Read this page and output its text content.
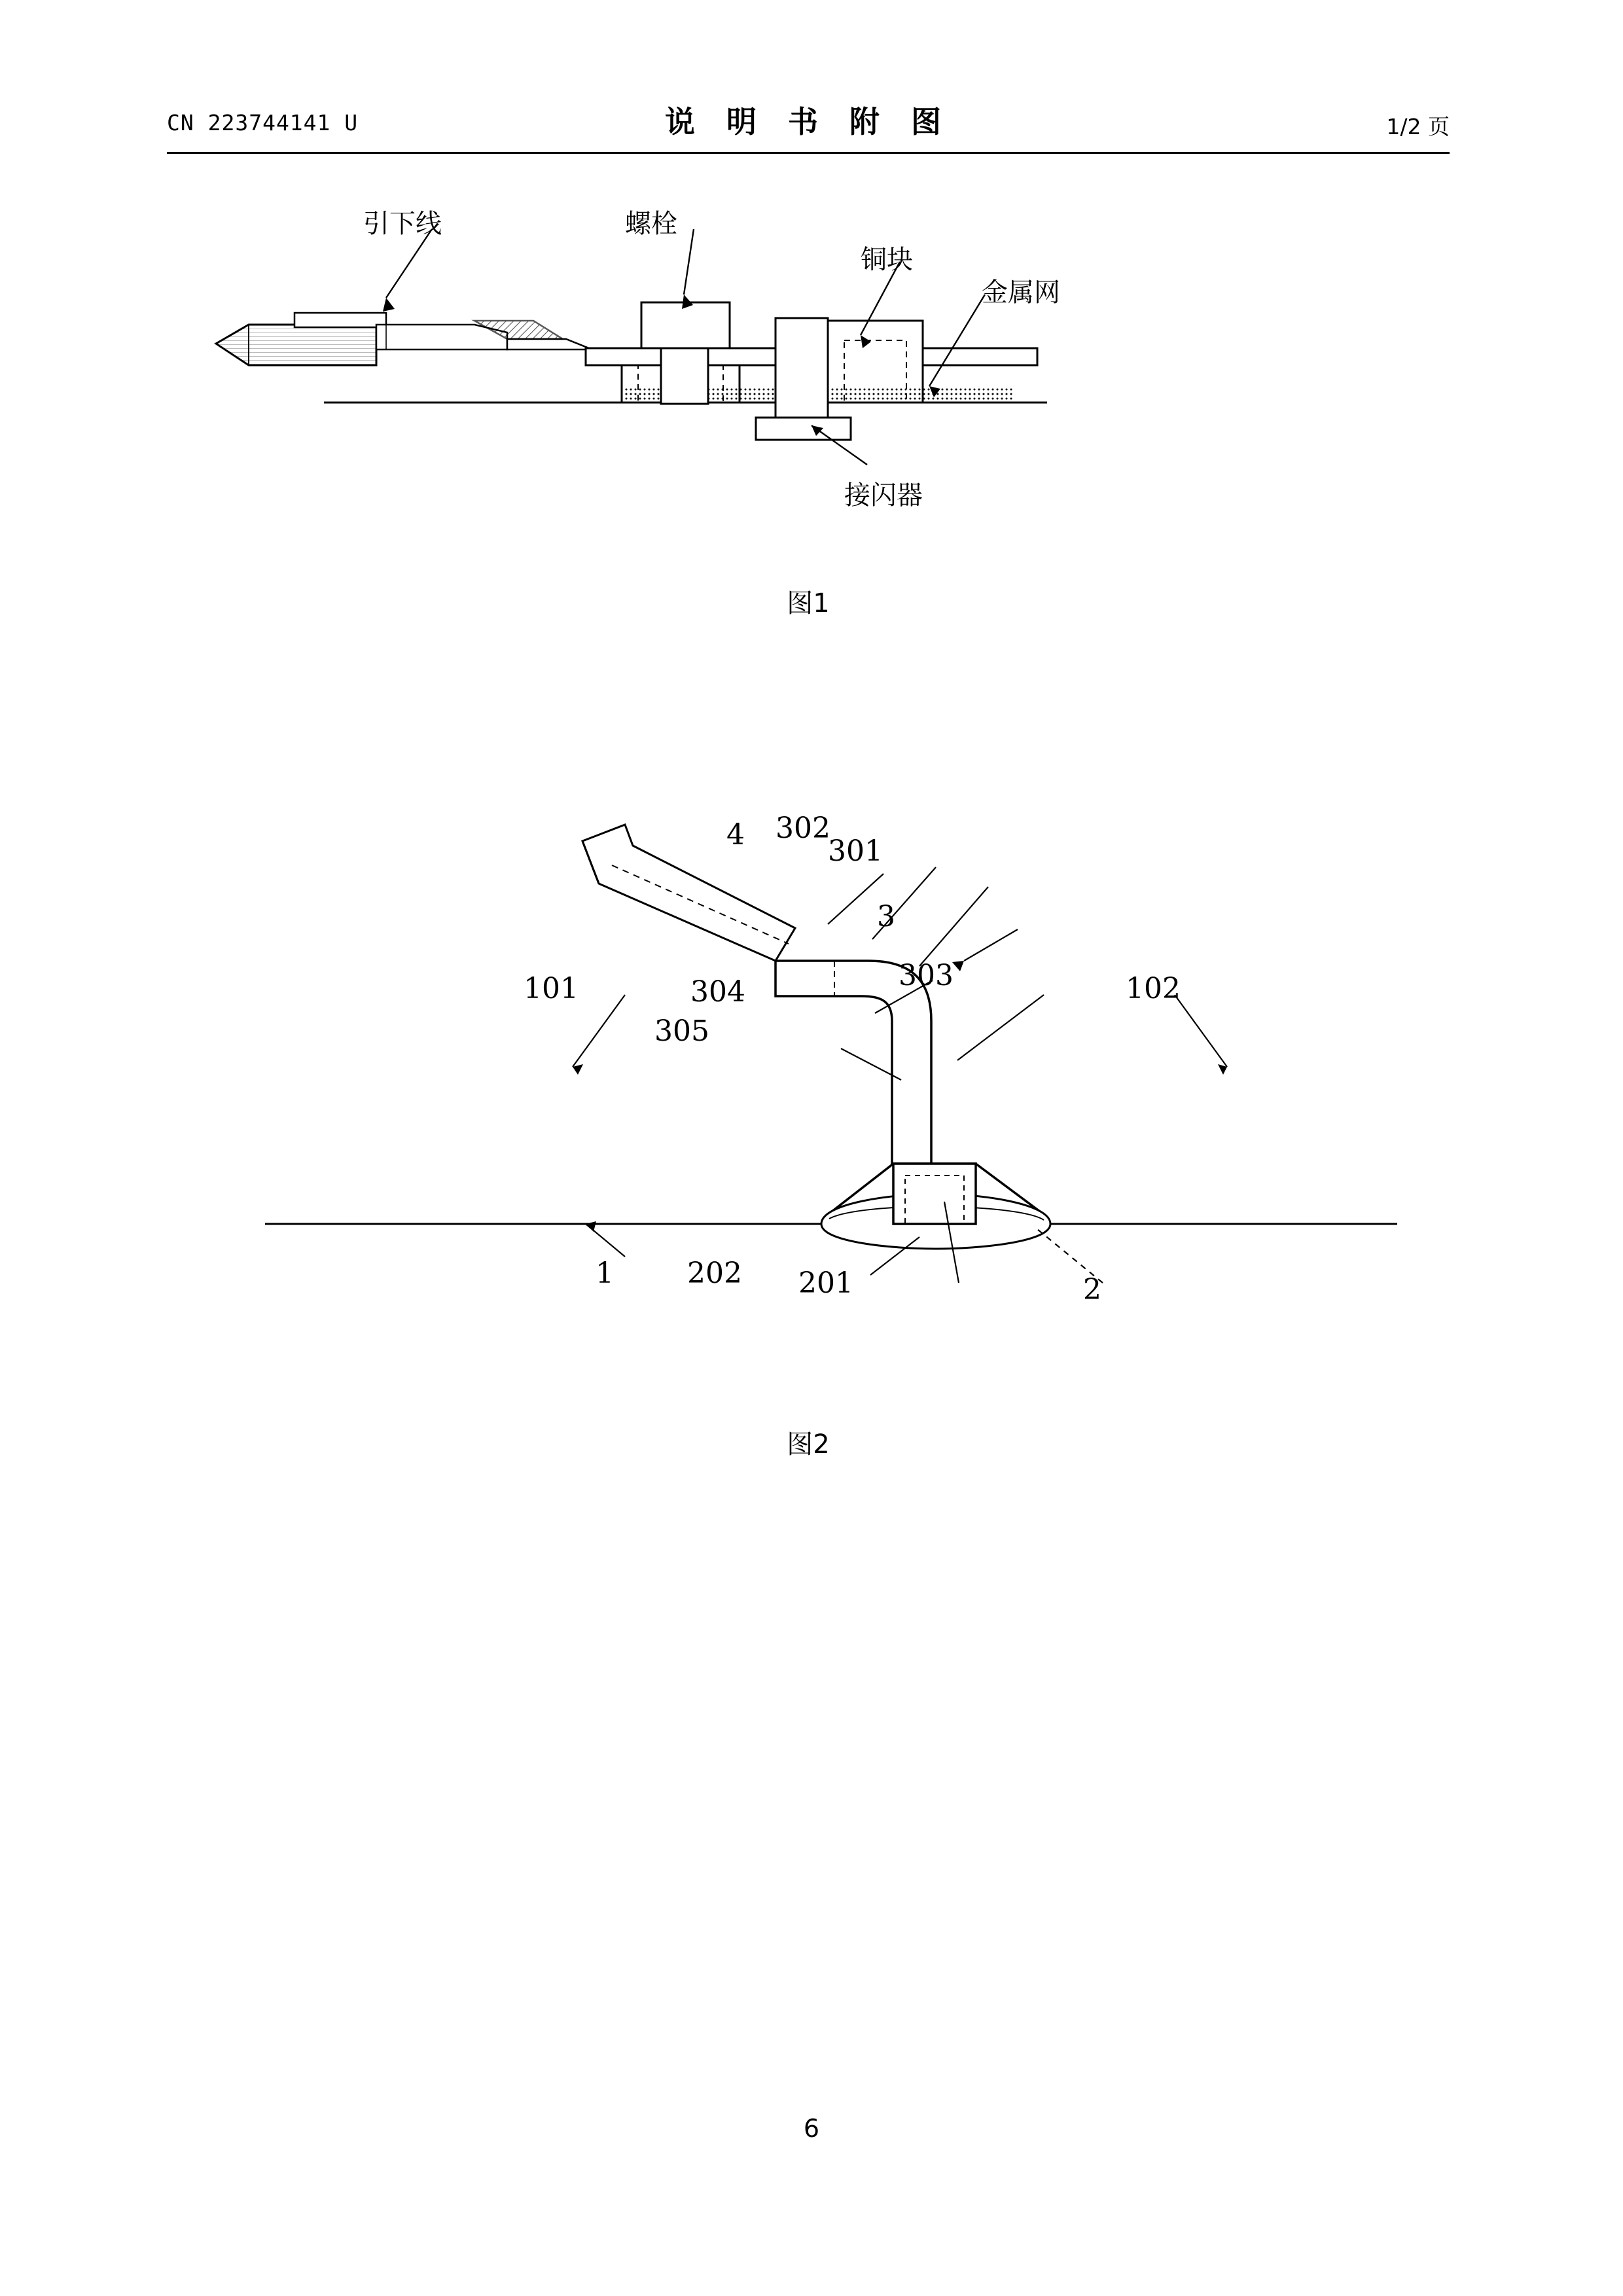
CN 223744141 U	说 明 书 附 图	1/2 页
引下线	螺栓
铜块
金属网
接闪器
图1
4 302
301
3
303
101	304
305
102
1	202 201	2
图2
6
